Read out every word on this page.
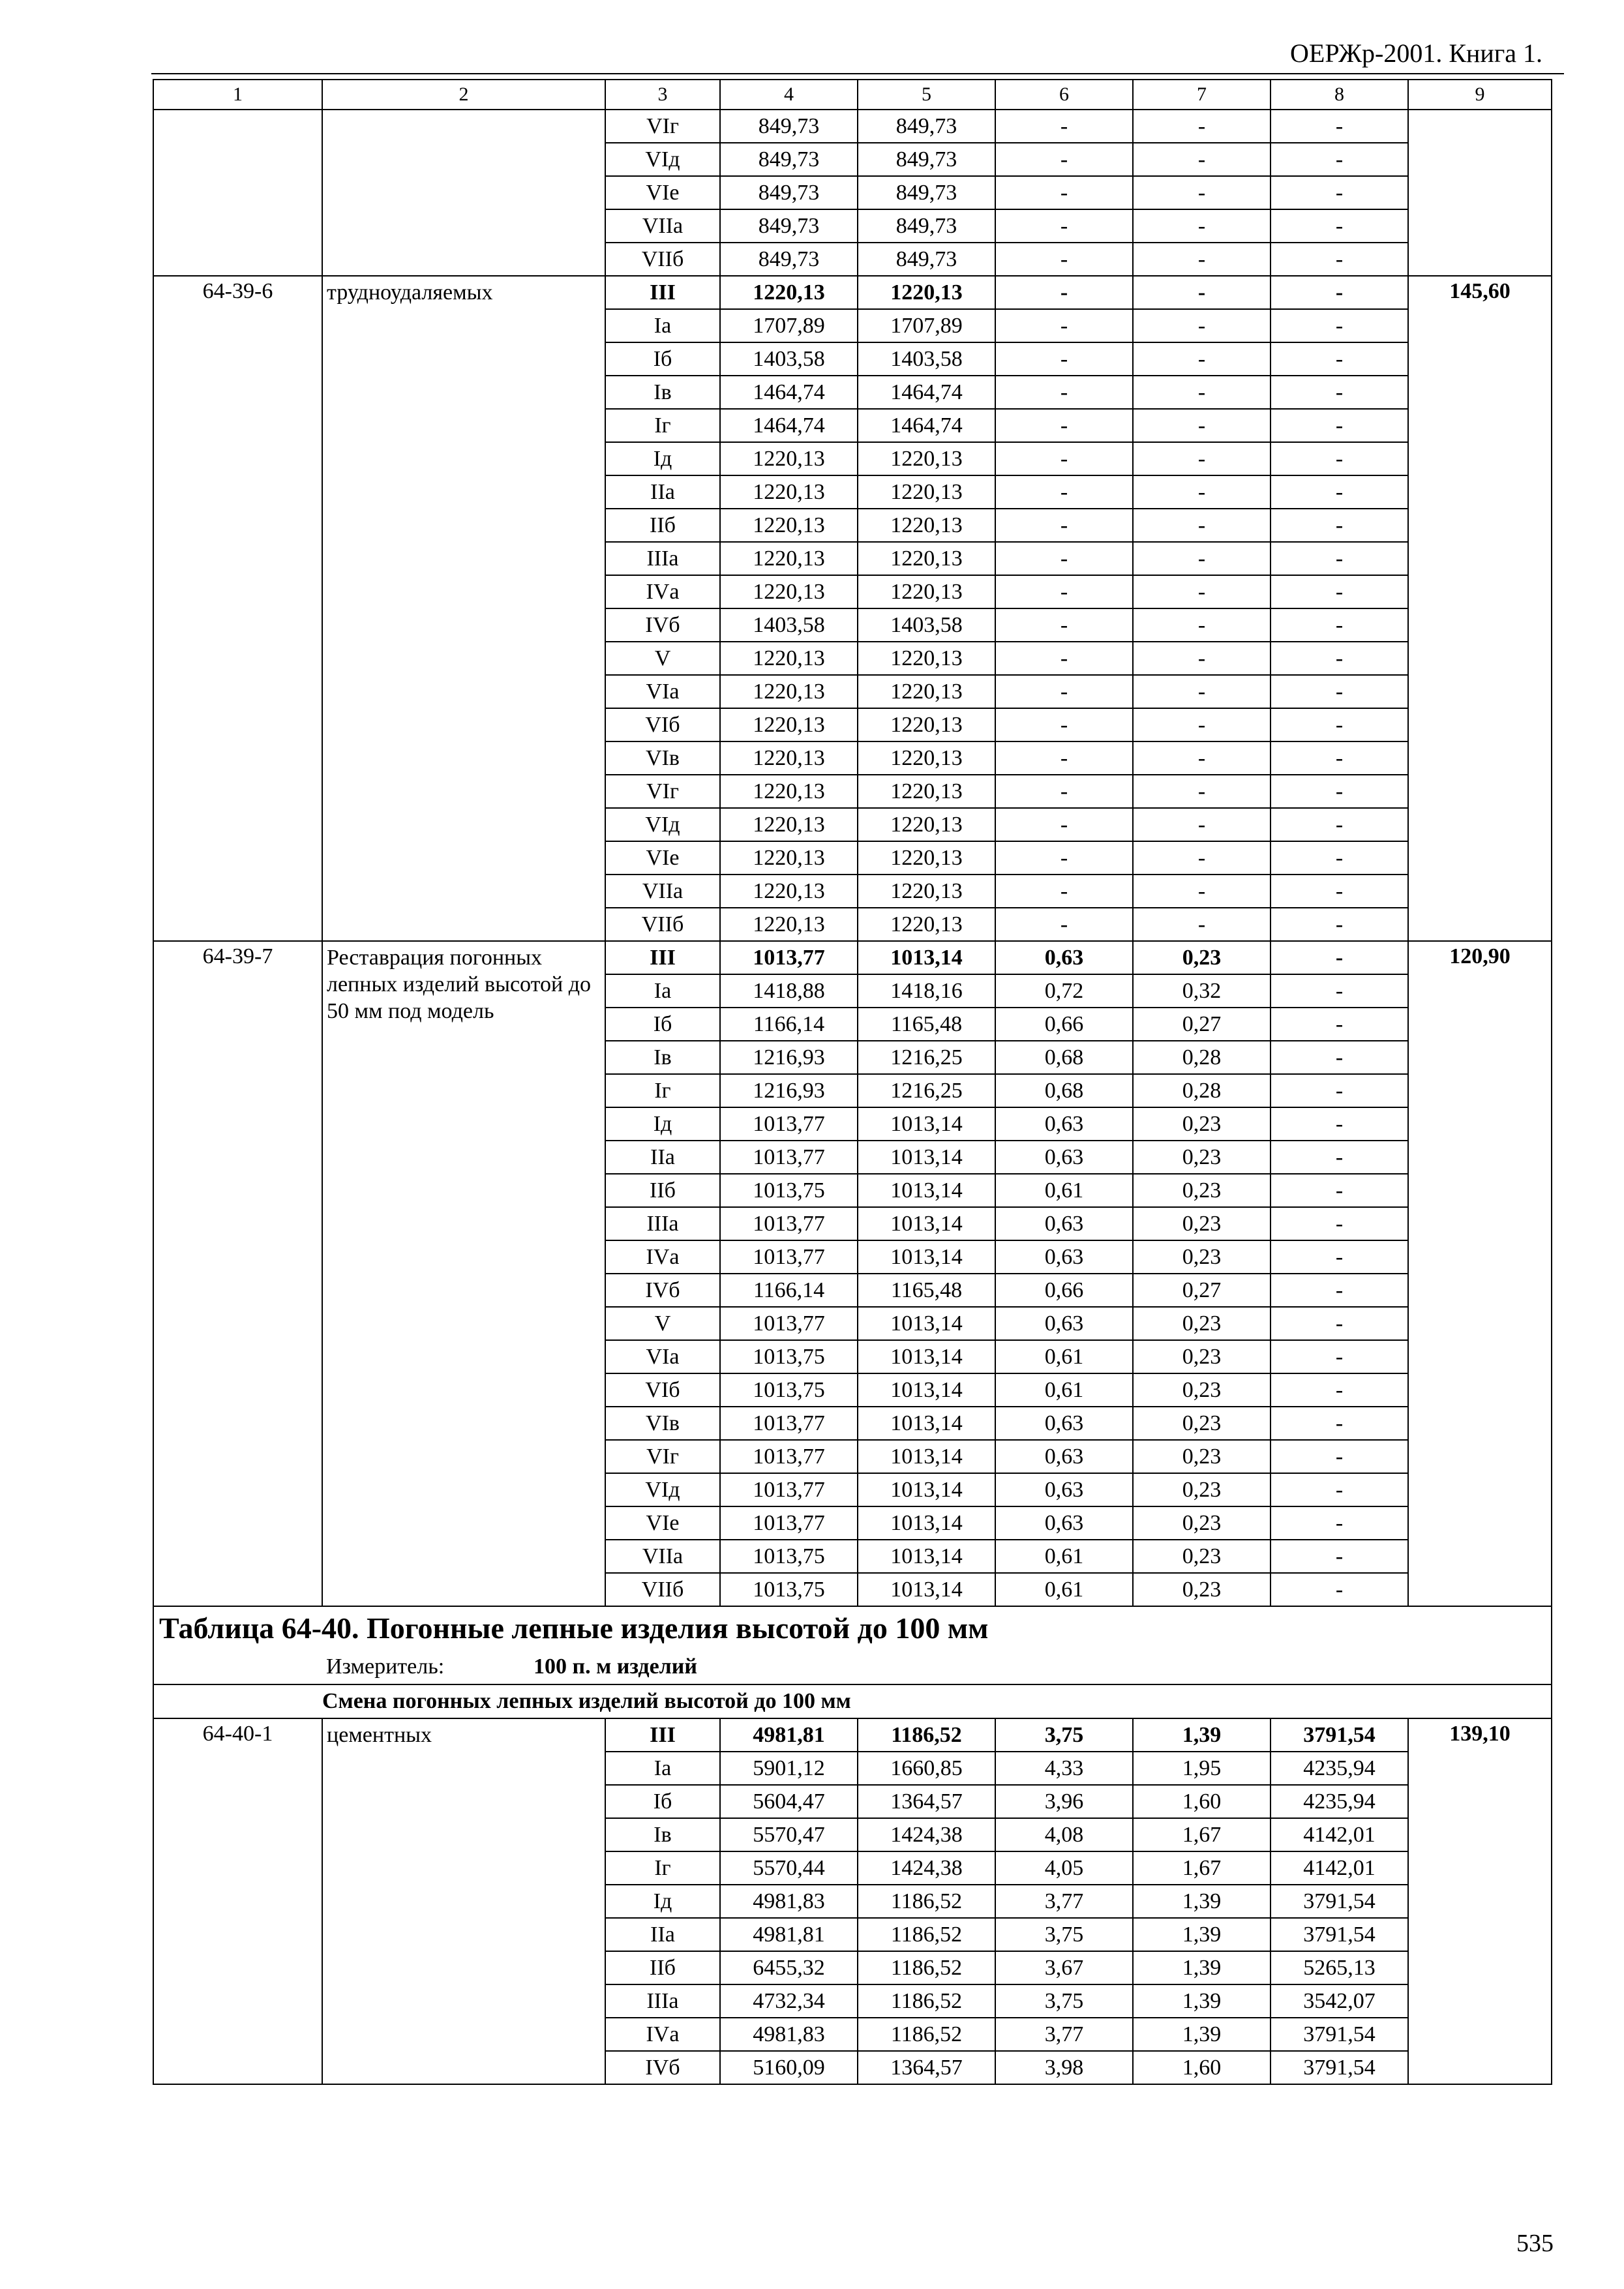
ОЕРЖр-2001. Книга 1.
1	2	3	4	5	6	7	8	9
		VIг	849,73	849,73	-	-	-	
		VIд	849,73	849,73	-	-	-	
		VIе	849,73	849,73	-	-	-	
		VIIа	849,73	849,73	-	-	-	
		VIIб	849,73	849,73	-	-	-	
64-39-6	трудноудаляемых	III	1220,13	1220,13	-	-	-	145,60
		Iа	1707,89	1707,89	-	-	-	
		Iб	1403,58	1403,58	-	-	-	
		Iв	1464,74	1464,74	-	-	-	
		Iг	1464,74	1464,74	-	-	-	
		Iд	1220,13	1220,13	-	-	-	
		IIа	1220,13	1220,13	-	-	-	
		IIб	1220,13	1220,13	-	-	-	
		IIIа	1220,13	1220,13	-	-	-	
		IVа	1220,13	1220,13	-	-	-	
		IVб	1403,58	1403,58	-	-	-	
		V	1220,13	1220,13	-	-	-	
		VIа	1220,13	1220,13	-	-	-	
		VIб	1220,13	1220,13	-	-	-	
		VIв	1220,13	1220,13	-	-	-	
		VIг	1220,13	1220,13	-	-	-	
		VIд	1220,13	1220,13	-	-	-	
		VIе	1220,13	1220,13	-	-	-	
		VIIа	1220,13	1220,13	-	-	-	
		VIIб	1220,13	1220,13	-	-	-	
64-39-7	Реставрация погонных лепных изделий высотой до 50 мм под модель	III	1013,77	1013,14	0,63	0,23	-	120,90
		Iа	1418,88	1418,16	0,72	0,32	-	
		Iб	1166,14	1165,48	0,66	0,27	-	
		Iв	1216,93	1216,25	0,68	0,28	-	
		Iг	1216,93	1216,25	0,68	0,28	-	
		Iд	1013,77	1013,14	0,63	0,23	-	
		IIа	1013,77	1013,14	0,63	0,23	-	
		IIб	1013,75	1013,14	0,61	0,23	-	
		IIIа	1013,77	1013,14	0,63	0,23	-	
		IVа	1013,77	1013,14	0,63	0,23	-	
		IVб	1166,14	1165,48	0,66	0,27	-	
		V	1013,77	1013,14	0,63	0,23	-	
		VIа	1013,75	1013,14	0,61	0,23	-	
		VIб	1013,75	1013,14	0,61	0,23	-	
		VIв	1013,77	1013,14	0,63	0,23	-	
		VIг	1013,77	1013,14	0,63	0,23	-	
		VIд	1013,77	1013,14	0,63	0,23	-	
		VIе	1013,77	1013,14	0,63	0,23	-	
		VIIа	1013,75	1013,14	0,61	0,23	-	
		VIIб	1013,75	1013,14	0,61	0,23	-	
Таблица 64-40. Погонные лепные изделия высотой до 100 мм								
Измеритель: 100 п. м изделий								
Смена погонных лепных изделий высотой до 100 мм								
64-40-1	цементных	III	4981,81	1186,52	3,75	1,39	3791,54	139,10
		Iа	5901,12	1660,85	4,33	1,95	4235,94	
		Iб	5604,47	1364,57	3,96	1,60	4235,94	
		Iв	5570,47	1424,38	4,08	1,67	4142,01	
		Iг	5570,44	1424,38	4,05	1,67	4142,01	
		Iд	4981,83	1186,52	3,77	1,39	3791,54	
		IIа	4981,81	1186,52	3,75	1,39	3791,54	
		IIб	6455,32	1186,52	3,67	1,39	5265,13	
		IIIа	4732,34	1186,52	3,75	1,39	3542,07	
		IVа	4981,83	1186,52	3,77	1,39	3791,54	
		IVб	5160,09	1364,57	3,98	1,60	3791,54	
535
